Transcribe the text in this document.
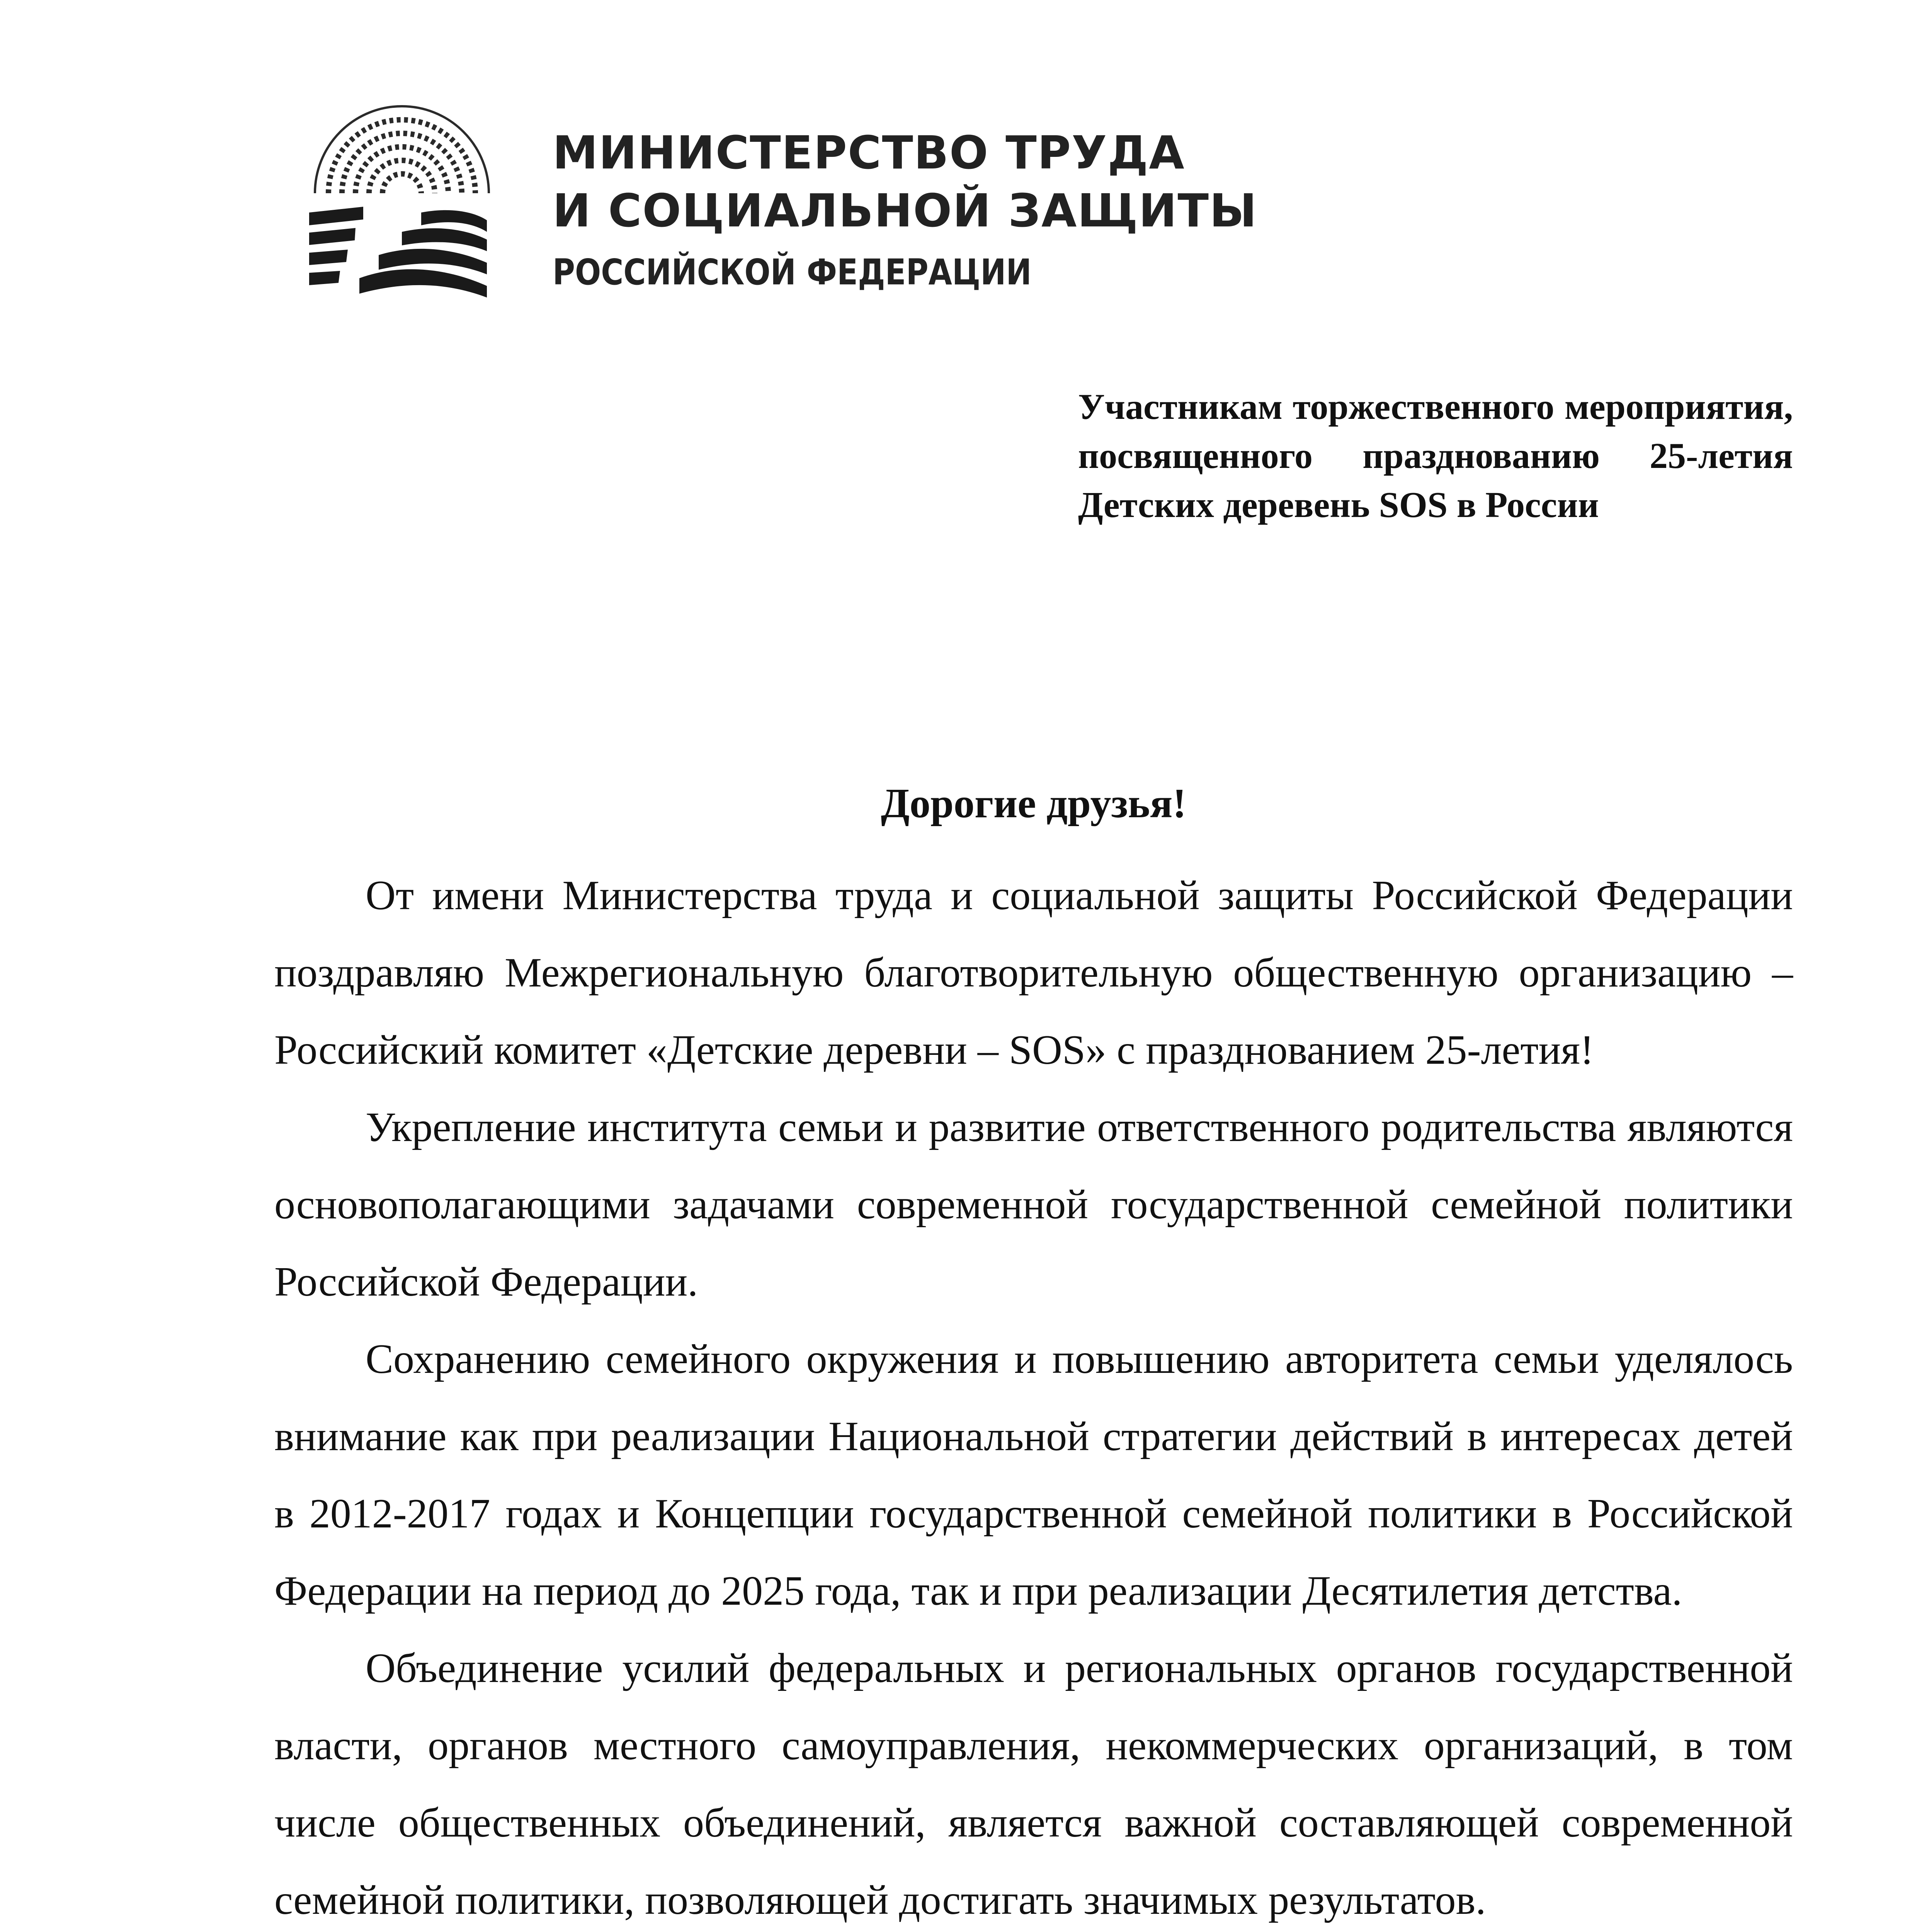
МИНИСТЕРСТВО ТРУДА
И СОЦИАЛЬНОЙ ЗАЩИТЫ
РОССИЙСКОЙ ФЕДЕРАЦИИ
Участникам торжественного мероприятия, посвященного празднованию 25-летия Детских деревень SOS в России
Дорогие друзья!

От имени Министерства труда и социальной защиты Российской Федерации поздравляю Межрегиональную благотворительную общественную организацию – Российский комитет «Детские деревни – SOS» с празднованием 25-летия!

Укрепление института семьи и развитие ответственного родительства являются основополагающими задачами современной государственной семейной политики Российской Федерации.

Сохранению семейного окружения и повышению авторитета семьи уделялось внимание как при реализации Национальной стратегии действий в интересах детей в 2012-2017 годах и Концепции государственной семейной политики в Российской Федерации на период до 2025 года, так и при реализации Десятилетия детства.

Объединение усилий федеральных и региональных органов государственной власти, органов местного самоуправления, некоммерческих организаций, в том числе общественных объединений, является важной составляющей современной семейной политики, позволяющей достигать значимых результатов.
